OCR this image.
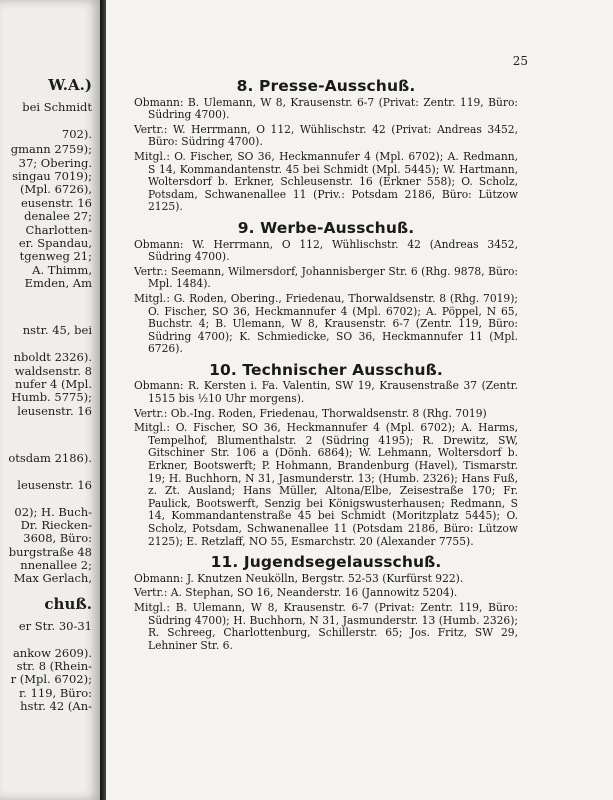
W.A.)
bei Schmidt
702).
gmann 2759);
37; Obering.
singau 7019);
(Mpl. 6726),
eusenstr. 16
denalee 27;
Charlotten-
er. Spandau,
tgenweg 21;
A. Thimm,
Emden, Am
nstr. 45, bei
nboldt 2326).
waldsenstr. 8
nufer 4 (Mpl.
Humb. 5775);
leusenstr. 16
otsdam 2186).
leusenstr. 16
02); H. Buch-
Dr. Riecken-
3608, Büro:
burgstraße 48
nnenallee 2;
Max Gerlach,
chuß.
er Str. 30-31
ankow 2609).
str. 8 (Rhein-
r (Mpl. 6702);
r. 119, Büro:
hstr. 42 (An-
25
8. Presse-Ausschuß.
Obmann: B. Ulemann, W 8, Krausenstr. 6-7 (Privat: Zentr. 119, Büro: Südring 4700).
Vertr.: W. Herrmann, O 112, Wühlischstr. 42 (Privat: Andreas 3452, Büro: Südring 4700).
Mitgl.: O. Fischer, SO 36, Heckmannufer 4 (Mpl. 6702); A. Redmann, S 14, Kommandantenstr. 45 bei Schmidt (Mpl. 5445); W. Hartmann, Woltersdorf b. Erkner, Schleusenstr. 16 (Erkner 558); O. Scholz, Potsdam, Schwanenallee 11 (Priv.: Potsdam 2186, Büro: Lützow 2125).
9. Werbe-Ausschuß.
Obmann: W. Herrmann, O 112, Wühlischstr. 42 (Andreas 3452, Südring 4700).
Vertr.: Seemann, Wilmersdorf, Johannisberger Str. 6 (Rhg. 9878, Büro: Mpl. 1484).
Mitgl.: G. Roden, Obering., Friedenau, Thorwaldsenstr. 8 (Rhg. 7019); O. Fischer, SO 36, Heckmannufer 4 (Mpl. 6702); A. Pöppel, N 65, Buchstr. 4; B. Ulemann, W 8, Krausenstr. 6-7 (Zentr. 119, Büro: Südring 4700); K. Schmiedicke, SO 36, Heckmannufer 11 (Mpl. 6726).
10. Technischer Ausschuß.
Obmann: R. Kersten i. Fa. Valentin, SW 19, Krausenstraße 37 (Zentr. 1515 bis ½10 Uhr morgens).
Vertr.: Ob.-Ing. Roden, Friedenau, Thorwaldsenstr. 8 (Rhg. 7019)
Mitgl.: O. Fischer, SO 36, Heckmannufer 4 (Mpl. 6702); A. Harms, Tempelhof, Blumenthalstr. 2 (Südring 4195); R. Drewitz, SW, Gitschiner Str. 106 a (Dönh. 6864); W. Lehmann, Woltersdorf b. Erkner, Bootswerft; P. Hohmann, Brandenburg (Havel), Tismarstr. 19; H. Buchhorn, N 31, Jasmunderstr. 13; (Humb. 2326); Hans Fuß, z. Zt. Ausland; Hans Müller, Altona/Elbe, Zeisestraße 170; Fr. Paulick, Bootswerft, Senzig bei Königswusterhausen; Redmann, S 14, Kommandantenstraße 45 bei Schmidt (Moritzplatz 5445); O. Scholz, Potsdam, Schwanenallee 11 (Potsdam 2186, Büro: Lützow 2125); E. Retzlaff, NO 55, Esmarchstr. 20 (Alexander 7755).
11. Jugendsegelausschuß.
Obmann: J. Knutzen Neukölln, Bergstr. 52-53 (Kurfürst 922).
Vertr.: A. Stephan, SO 16, Neanderstr. 16 (Jannowitz 5204).
Mitgl.: B. Ulemann, W 8, Krausenstr. 6-7 (Privat: Zentr. 119, Büro: Südring 4700); H. Buchhorn, N 31, Jasmunderstr. 13 (Humb. 2326); R. Schreeg, Charlottenburg, Schillerstr. 65; Jos. Fritz, SW 29, Lehniner Str. 6.
